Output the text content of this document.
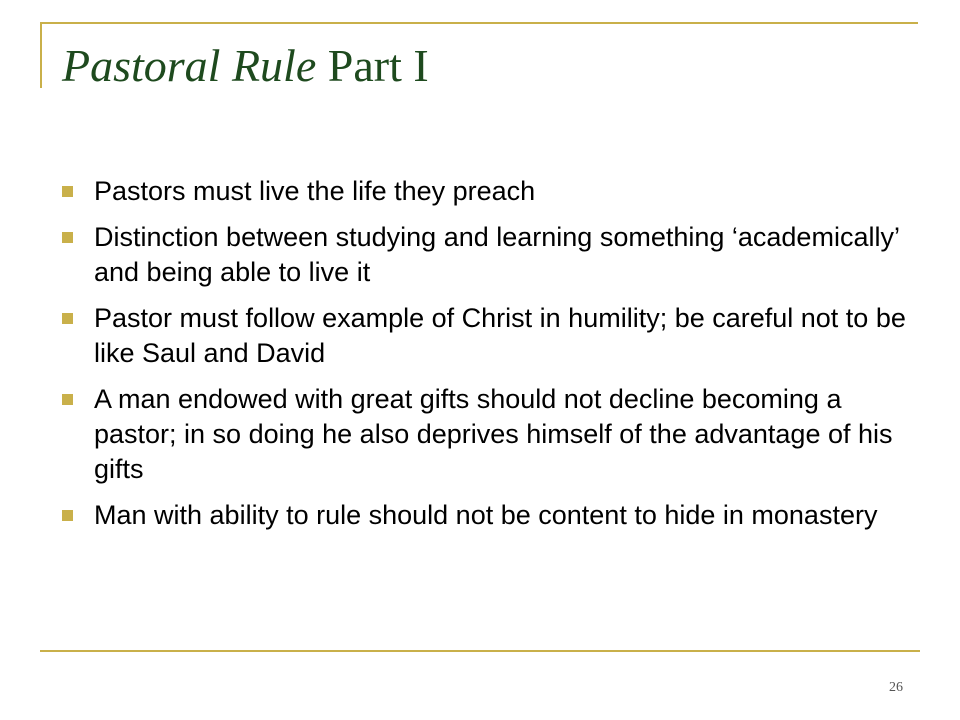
Pastoral Rule Part I
Pastors must live the life they preach
Distinction between studying and learning something ‘academically’ and being able to live it
Pastor must follow example of Christ in humility; be careful not to be like Saul and David
A man endowed with great gifts should not decline becoming a pastor; in so doing he also deprives himself of the advantage of his gifts
Man with ability to rule should not be content to hide in monastery
26
